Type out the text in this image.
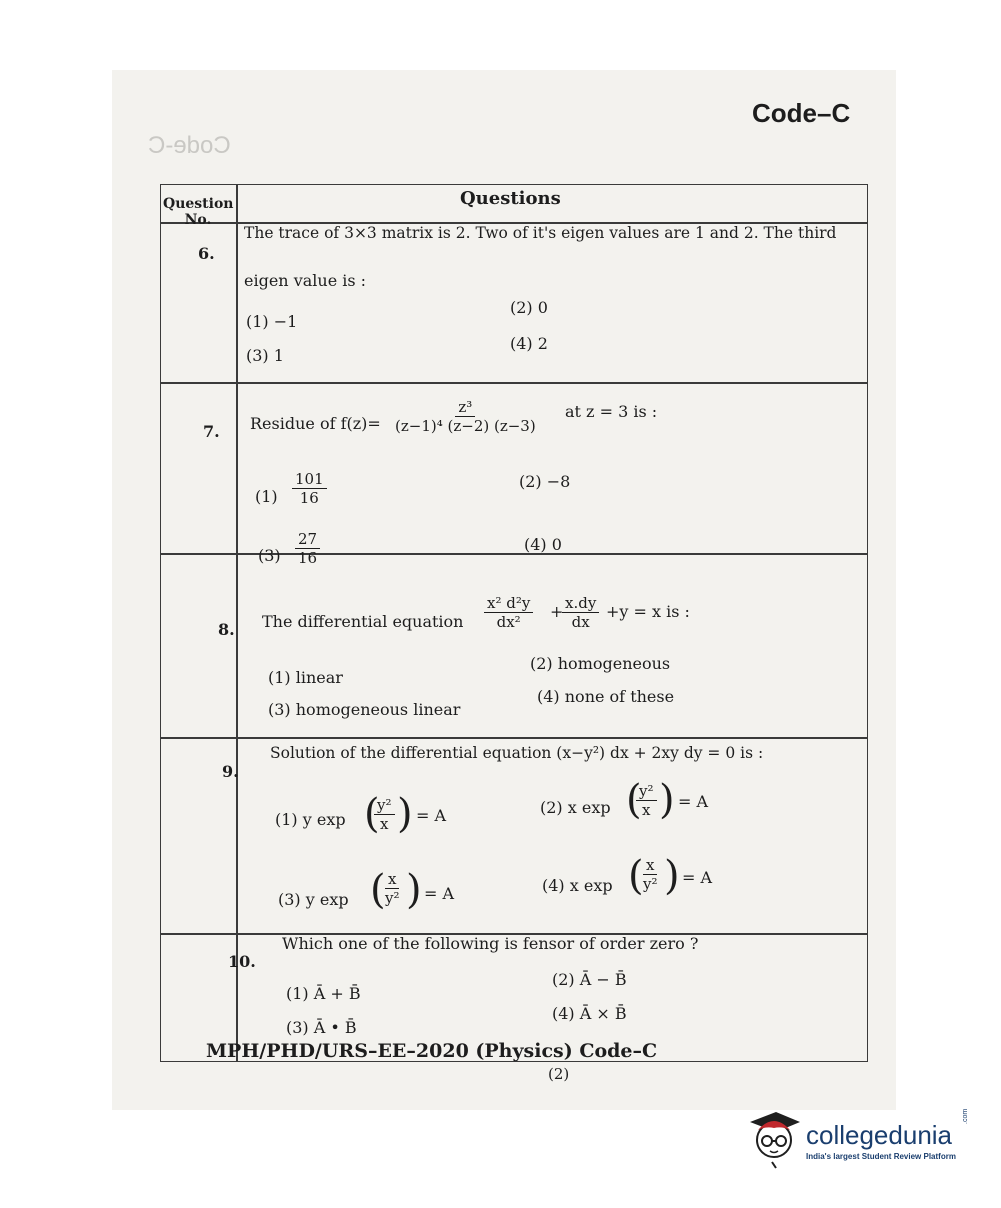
Code–C
Code-C
Question No.
Questions
6.
The trace of 3×3 matrix is 2. Two of it's eigen values are 1 and 2. The third
eigen value is :
(1) −1
(2) 0
(3) 1
(4) 2
7. Residue of $f(z)= \frac{\text{z³}}{\text{(z−1)⁴ (z−2) (z−3)}}$ at z = 3 is :
$(1) \frac{101}{16}$	(2) −8
$(3) \frac{27}{16}$	(4) 0
8. The differential equation $\frac{\text{x² d²y}}{\text{dx²}}$ +
$\frac{x.dy}{dx} +y = x$ is :
(1) linear
(2) homogeneous
(3) homogeneous linear
(4) none of these
9.
Solution of the differential equation (x−y²) dx + 2xy dy = 0 is :
(1) y exp (
$\frac{\text{y²}}{x}$ ) = A	(2) x exp (
$\frac{\text{y²}}{x}$ ) = A
(3) y exp (
$\frac{x}{\text{y²}}$ ) = A	(4) x exp (
$\frac{x}{\text{y²}}$ ) = A
10.
Which one of the following is fensor of order zero ?
(1) Ā + B̄
(2) Ā − B̄
(3) Ā • B̄
(4) Ā × B̄
MPH/PHD/URS–EE–2020 (Physics) Code–C
(2)
collegedunia
India's largest Student Review Platform
.com
